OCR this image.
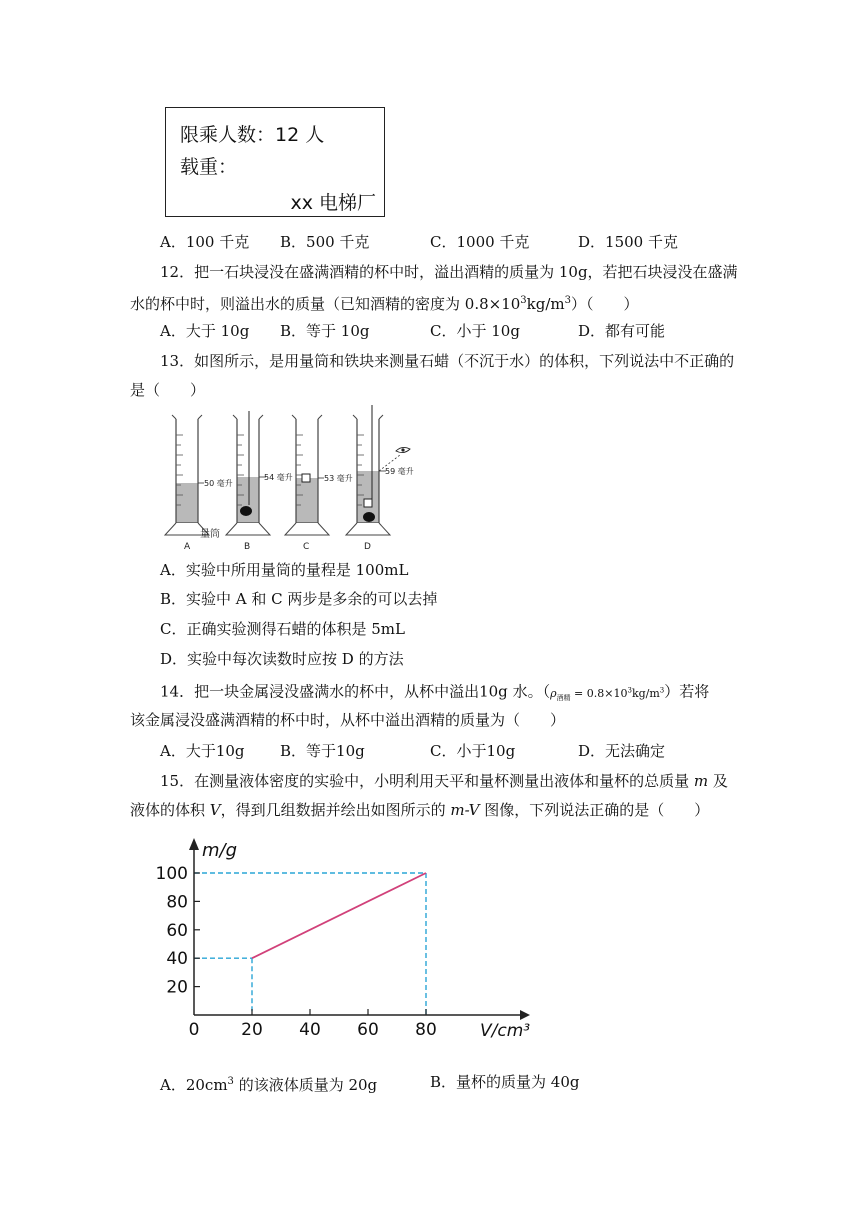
限乘人数：12 人
载重：
xx 电梯厂
A．100 千克 B．500 千克	C．1000 千克	D．1500 千克
12．把一石块浸没在盛满酒精的杯中时，溢出酒精的质量为 10g，若把石块浸没在盛满
水的杯中时，则溢出水的质量（已知酒精的密度为 $0.8\times 10^3kg/m^3$）（　　）
A．大于 10g B．等于 10g	C．小于 10g	D．都有可能
13．如图所示，是用量筒和铁块来测量石蜡（不沉于水）的体积，下列说法中不正确的
是（　　）
50 毫升
量筒
A
54 毫升
B
53 毫升
C
59 毫升
D
A．实验中所用量筒的量程是 100mL
B．实验中 A 和 C 两步是多余的可以去掉
C．正确实验测得石蜡的体积是 5mL
D．实验中每次读数时应按 D 的方法
14．把一块金属浸没盛满水的杯中，从杯中溢出10g 水。$(\rho_{酒精} = 0.8\times 10^3kg/m^3)$若将
该金属浸没盛满酒精的杯中时，从杯中溢出酒精的质量为（　　）
A．大于10g B．等于10g	C．小于10g	D．无法确定
15．在测量液体密度的实验中，小明利用天平和量杯测量出液体和量杯的总质量 m 及
液体的体积 V，得到几组数据并绘出如图所示的 m-V 图像，下列说法正确的是（　　）
20
40
60
80
100
0 20 40 60 80
m/g
V/cm³
A．$20cm^3$ 的该液体质量为 20g	B．量杯的质量为 40g
